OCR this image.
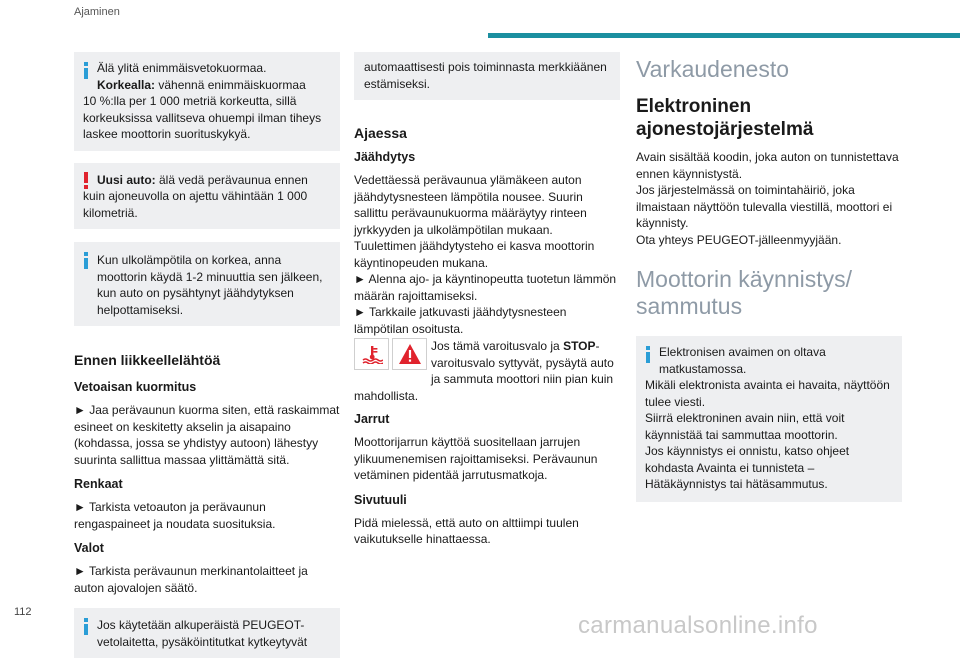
Ajaminen
Älä ylitä enimmäisvetokuormaa.
Korkealla: vähennä enimmäiskuormaa
10 %:lla per 1 000 metriä korkeutta, sillä korkeuksissa vallitseva ohuempi ilman tiheys laskee moottorin suorituskykyä.
Uusi auto: älä vedä perävaunua ennen
kuin ajoneuvolla on ajettu vähintään 1 000 kilometriä.
Kun ulkolämpötila on korkea, anna
moottorin käydä 1-2 minuuttia sen jälkeen, kun auto on pysähtynyt jäähdytyksen helpottamiseksi.
Ennen liikkeellelähtöä
Vetoaisan kuormitus

► Jaa perävaunun kuorma siten, että raskaimmat esineet on keskitetty akselin ja aisapaino (kohdassa, jossa se yhdistyy autoon) lähestyy suurinta sallittua massaa ylittämättä sitä.

Renkaat

► Tarkista vetoauton ja perävaunun rengaspaineet ja noudata suosituksia.

Valot

► Tarkista perävaunun merkinantolaitteet ja auton ajovalojen säätö.

Jos käytetään alkuperäistä PEUGEOT-
vetolaitetta, pysäköintitutkat kytkeytyvät
automaattisesti pois toiminnasta merkkiäänen estämiseksi.
Ajaessa
Jäähdytys

Vedettäessä perävaunua ylämäkeen auton jäähdytysnesteen lämpötila nousee. Suurin sallittu perävaunukuorma määräytyy rinteen jyrkkyyden ja ulkolämpötilan mukaan.

Tuulettimen jäähdytysteho ei kasva moottorin käyntinopeuden mukana.

► Alenna ajo- ja käyntinopeutta tuotetun lämmön määrän rajoittamiseksi.

► Tarkkaile jatkuvasti jäähdytysnesteen lämpötilan osoitusta.

Jos tämä varoitusvalo ja STOP-varoitusvalo syttyvät, pysäytä auto ja sammuta moottori niin pian kuin mahdollista.
Jarrut

Moottorijarrun käyttöä suositellaan jarrujen ylikuumenemisen rajoittamiseksi. Perävaunun vetäminen pidentää jarrutusmatkoja.

Sivutuuli

Pidä mielessä, että auto on alttiimpi tuulen vaikutukselle hinattaessa.

Varkaudenesto
Elektroninen ajonestojärjestelmä

Avain sisältää koodin, joka auton on tunnistettava ennen käynnistystä.

Jos järjestelmässä on toimintahäiriö, joka ilmaistaan näyttöön tulevalla viestillä, moottori ei käynnisty.

Ota yhteys PEUGEOT-jälleenmyyjään.

Moottorin käynnistys/ sammutus
Elektronisen avaimen on oltava
matkustamossa.
Mikäli elektronista avainta ei havaita, näyttöön tulee viesti.
Siirrä elektroninen avain niin, että voit käynnistää tai sammuttaa moottorin.
Jos käynnistys ei onnistu, katso ohjeet kohdasta Avainta ei tunnisteta – Hätäkäynnistys tai hätäsammutus.
112	carmanualsonline.info
